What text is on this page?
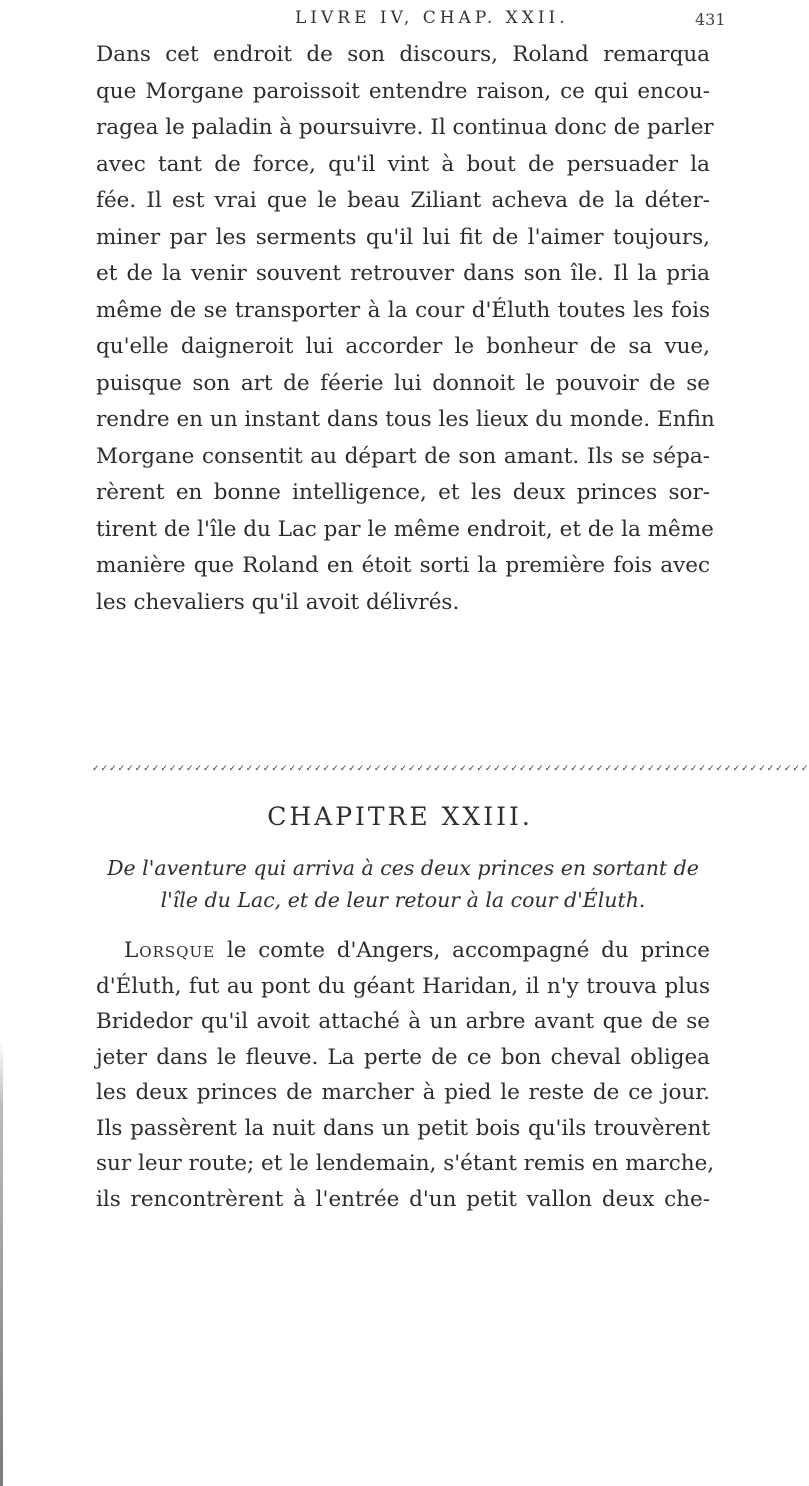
LIVRE IV, CHAP. XXII.	431
Dans cet endroit de son discours, Roland remarqua
que Morgane paroissoit entendre raison, ce qui encou-
ragea le paladin à poursuivre. Il continua donc de parler
avec tant de force, qu'il vint à bout de persuader la
fée. Il est vrai que le beau Ziliant acheva de la déter-
miner par les serments qu'il lui fit de l'aimer toujours,
et de la venir souvent retrouver dans son île. Il la pria
même de se transporter à la cour d'Éluth toutes les fois
qu'elle daigneroit lui accorder le bonheur de sa vue,
puisque son art de féerie lui donnoit le pouvoir de se
rendre en un instant dans tous les lieux du monde. Enfin
Morgane consentit au départ de son amant. Ils se sépa-
rèrent en bonne intelligence, et les deux princes sor-
tirent de l'île du Lac par le même endroit, et de la même
manière que Roland en étoit sorti la première fois avec
les chevaliers qu'il avoit délivrés.
✓✓✓✓✓✓✓✓✓✓✓✓✓✓✓✓✓✓✓✓✓✓✓✓✓✓✓✓✓✓✓✓✓✓✓✓✓✓✓✓✓✓✓✓✓✓✓✓✓✓✓✓✓✓✓✓✓✓✓✓✓✓✓✓✓✓✓✓✓✓✓✓✓✓✓✓✓✓✓✓✓✓✓✓
CHAPITRE XXIII.
De l'aventure qui arriva à ces deux princes en sortant de
l'île du Lac, et de leur retour à la cour d'Éluth.
Lorsque le comte d'Angers, accompagné du prince
d'Éluth, fut au pont du géant Haridan, il n'y trouva plus
Bridedor qu'il avoit attaché à un arbre avant que de se
jeter dans le fleuve. La perte de ce bon cheval obligea
les deux princes de marcher à pied le reste de ce jour.
Ils passèrent la nuit dans un petit bois qu'ils trouvèrent
sur leur route; et le lendemain, s'étant remis en marche,
ils rencontrèrent à l'entrée d'un petit vallon deux che-
